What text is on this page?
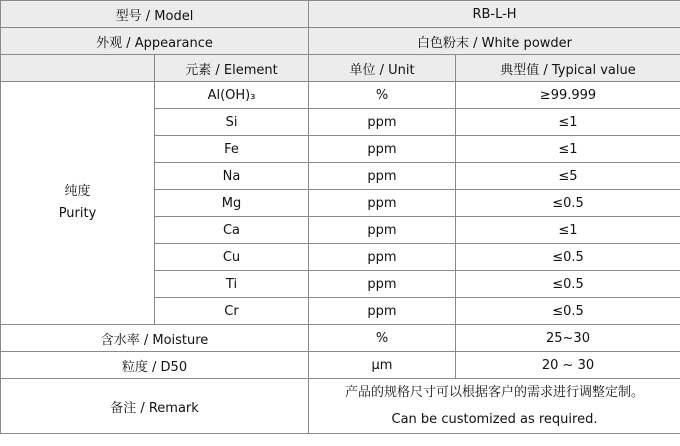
型号 / Model		RB-L-H	
外观 / Appearance		白色粉末 / White powder	
	元素 / Element	单位 / Unit	典型值 / Typical value

纯度
Purity	Al(OH)₃	%	≥99.999
	Si	ppm	≤1
	Fe	ppm	≤1
	Na	ppm	≤5
	Mg	ppm	≤0.5
	Ca	ppm	≤1
	Cu	ppm	≤0.5
	Ti	ppm	≤0.5
	Cr	ppm	≤0.5
含水率 / Moisture		%	25~30
粒度 / D50		μm	20 ~ 30
备注 / Remark		产品的规格尺寸可以根据客户的需求进行调整定制。
Can be customized as required.	
